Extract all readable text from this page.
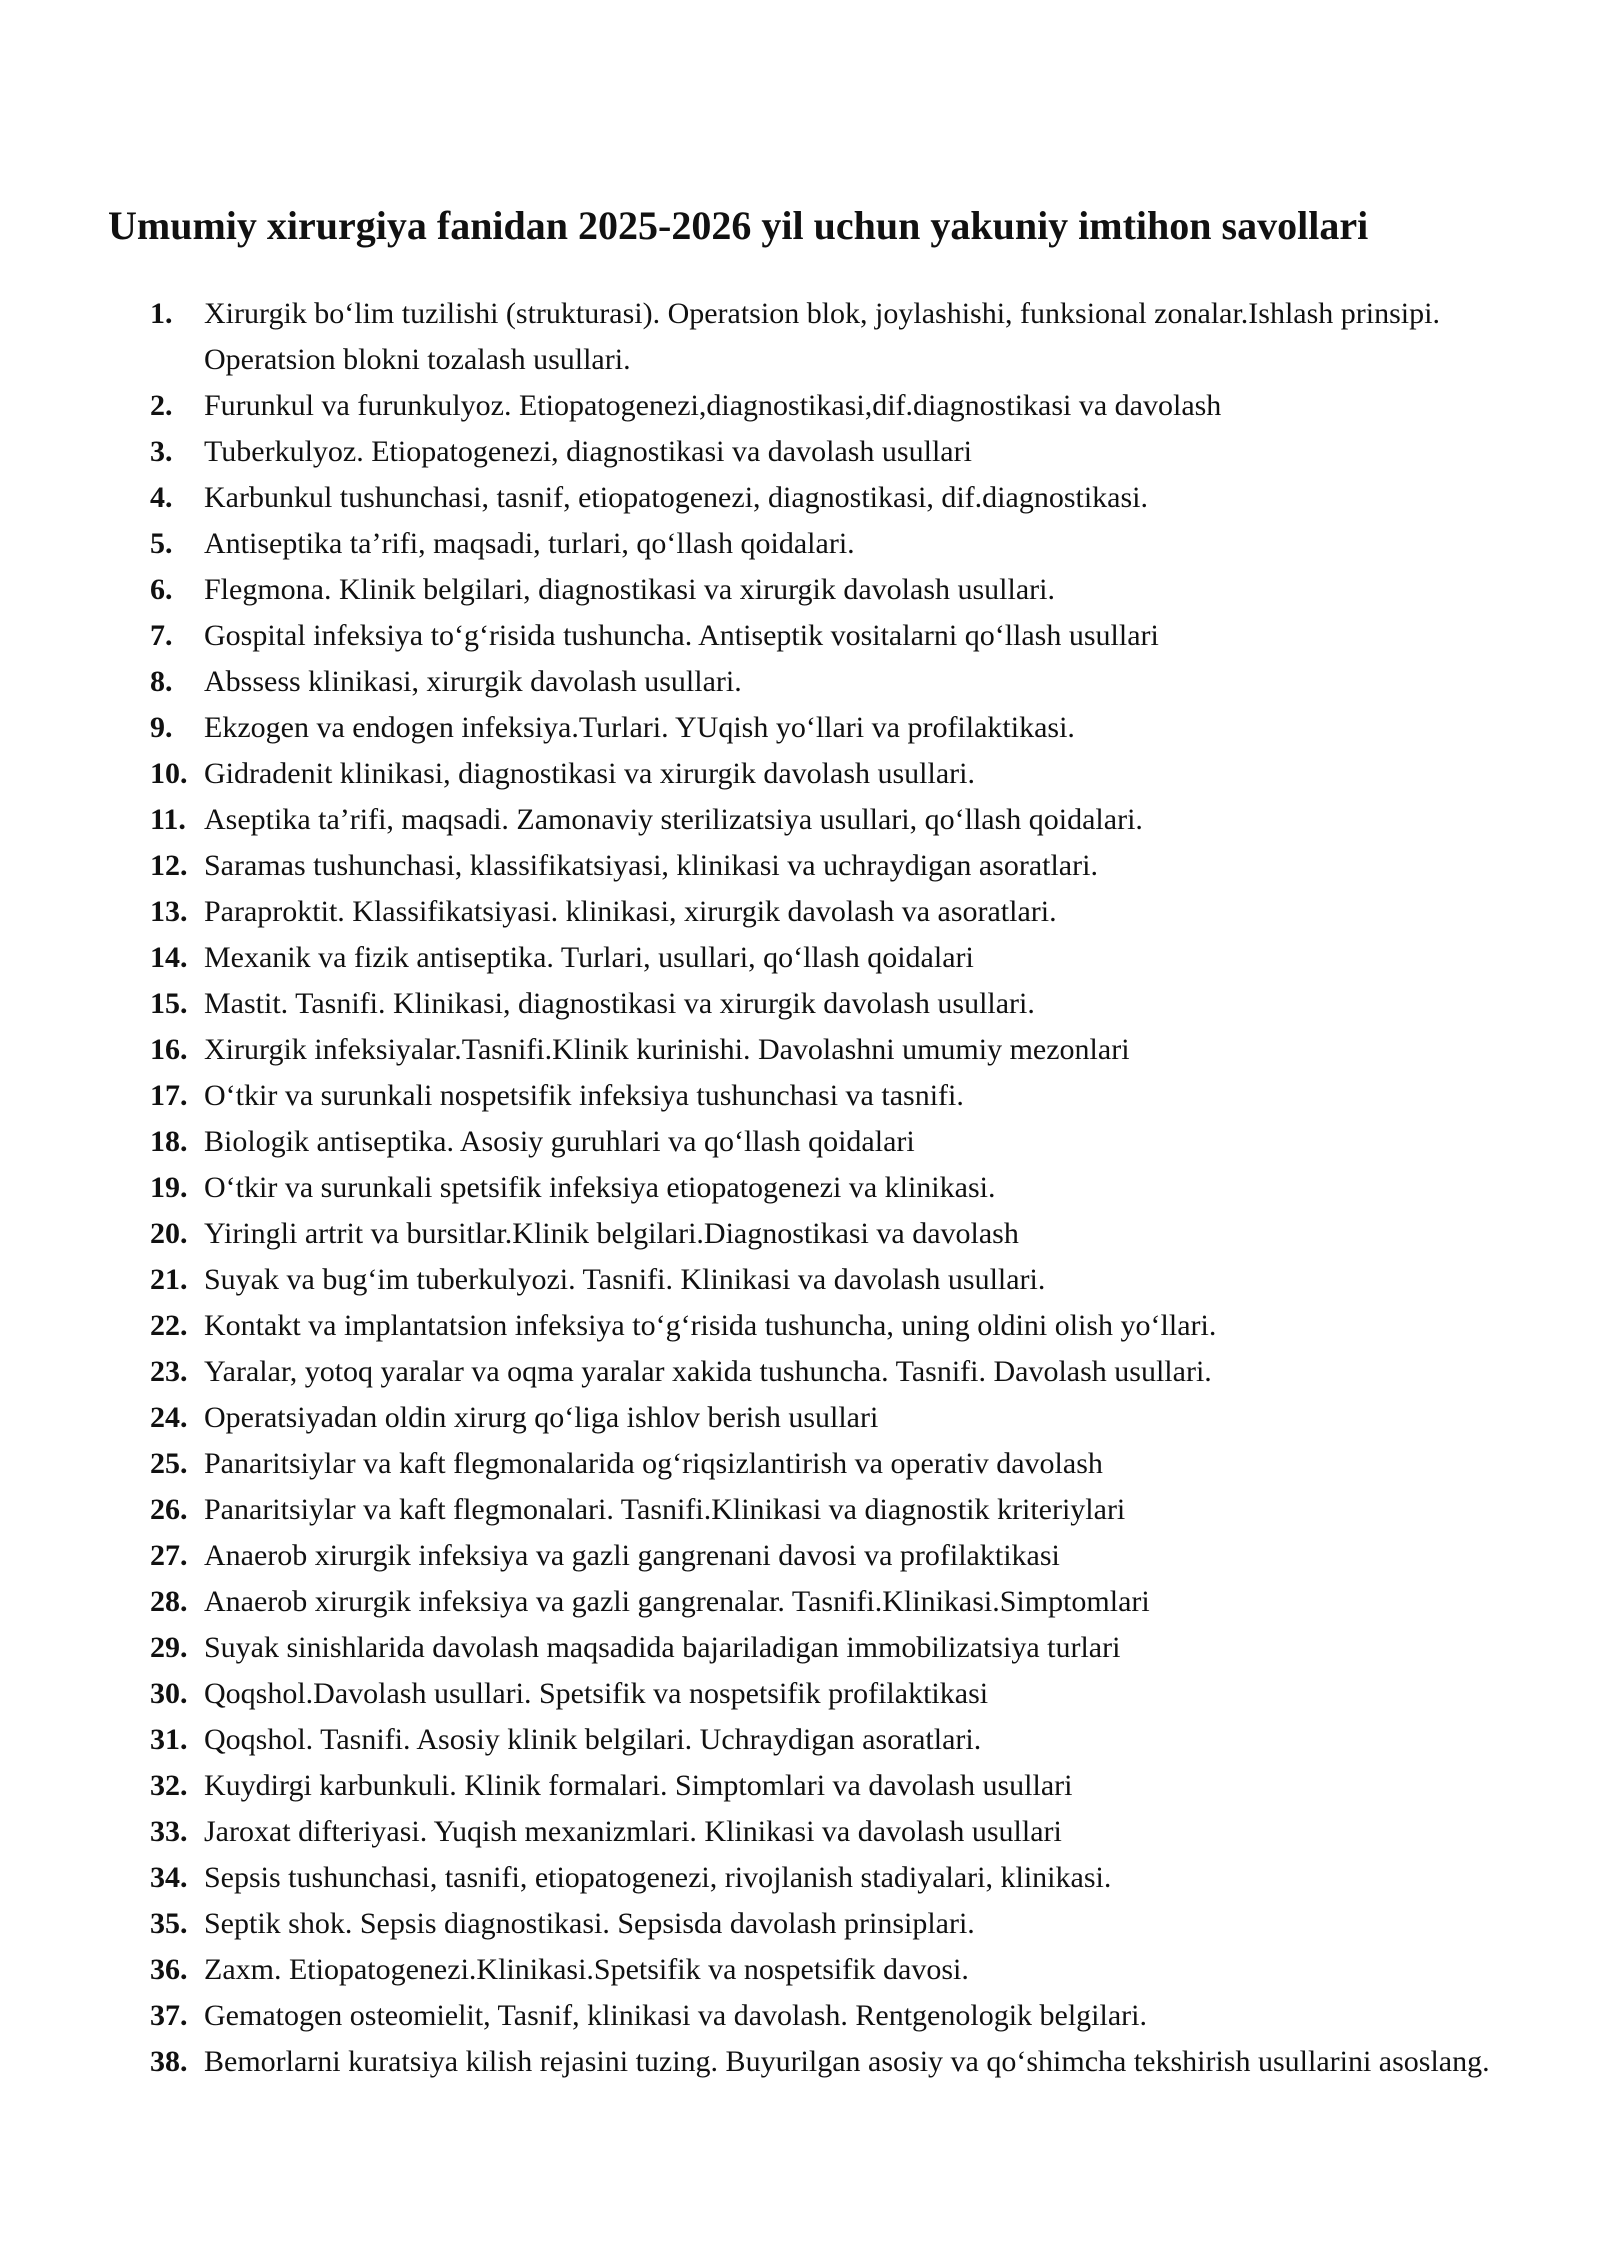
Umumiy xirurgiya fanidan 2025-2026 yil uchun yakuniy imtihon savollari
1. Xirurgik bo‘lim tuzilishi (strukturasi). Operatsion blok, joylashishi, funksional zonalar.Ishlash prinsipi. Operatsion blokni tozalash usullari.
2. Furunkul va furunkulyoz. Etiopatogenezi,diagnostikasi,dif.diagnostikasi va davolash
3. Tuberkulyoz. Etiopatogenezi, diagnostikasi va davolash usullari
4. Karbunkul tushunchasi, tasnif, etiopatogenezi, diagnostikasi, dif.diagnostikasi.
5. Antiseptika ta’rifi, maqsadi, turlari, qo‘llash qoidalari.
6. Flegmona. Klinik belgilari, diagnostikasi va xirurgik davolash usullari.
7. Gospital infeksiya to‘g‘risida tushuncha. Antiseptik vositalarni qo‘llash usullari
8. Abssess klinikasi, xirurgik davolash usullari.
9. Ekzogen va endogen infeksiya.Turlari. YUqish yo‘llari va profilaktikasi.
10. Gidradenit klinikasi, diagnostikasi va xirurgik davolash usullari.
11. Aseptika ta’rifi, maqsadi. Zamonaviy sterilizatsiya usullari, qo‘llash qoidalari.
12. Saramas tushunchasi, klassifikatsiyasi, klinikasi va uchraydigan asoratlari.
13. Paraproktit. Klassifikatsiyasi. klinikasi, xirurgik davolash va asoratlari.
14. Mexanik va fizik antiseptika. Turlari, usullari, qo‘llash qoidalari
15. Mastit. Tasnifi. Klinikasi, diagnostikasi va xirurgik davolash usullari.
16. Xirurgik infeksiyalar.Tasnifi.Klinik kurinishi. Davolashni umumiy mezonlari
17. O‘tkir va surunkali nospetsifik infeksiya tushunchasi va tasnifi.
18. Biologik antiseptika. Asosiy guruhlari va qo‘llash qoidalari
19. O‘tkir va surunkali spetsifik infeksiya etiopatogenezi va klinikasi.
20. Yiringli artrit va bursitlar.Klinik belgilari.Diagnostikasi va davolash
21. Suyak va bug‘im tuberkulyozi. Tasnifi. Klinikasi va davolash usullari.
22. Kontakt va implantatsion infeksiya to‘g‘risida tushuncha, uning oldini olish yo‘llari.
23. Yaralar, yotoq yaralar va oqma yaralar xakida tushuncha. Tasnifi. Davolash usullari.
24. Operatsiyadan oldin xirurg qo‘liga ishlov berish usullari
25. Panaritsiylar va kaft flegmonalarida og‘riqsizlantirish va operativ davolash
26. Panaritsiylar va kaft flegmonalari. Tasnifi.Klinikasi va diagnostik kriteriylari
27. Anaerob xirurgik infeksiya va gazli gangrenani davosi va profilaktikasi
28. Anaerob xirurgik infeksiya va gazli gangrenalar. Tasnifi.Klinikasi.Simptomlari
29. Suyak sinishlarida davolash maqsadida bajariladigan immobilizatsiya turlari
30. Qoqshol.Davolash usullari. Spetsifik va nospetsifik profilaktikasi
31. Qoqshol. Tasnifi. Asosiy klinik belgilari. Uchraydigan asoratlari.
32. Kuydirgi karbunkuli. Klinik formalari. Simptomlari va davolash usullari
33. Jaroxat difteriyasi. Yuqish mexanizmlari. Klinikasi va davolash usullari
34. Sepsis tushunchasi, tasnifi, etiopatogenezi, rivojlanish stadiyalari, klinikasi.
35. Septik shok. Sepsis diagnostikasi. Sepsisda davolash prinsiplari.
36. Zaxm. Etiopatogenezi.Klinikasi.Spetsifik va nospetsifik davosi.
37. Gematogen osteomielit, Tasnif, klinikasi va davolash. Rentgenologik belgilari.
38. Bemorlarni kuratsiya kilish rejasini tuzing. Buyurilgan asosiy va qo‘shimcha tekshirish usullarini asoslang.
